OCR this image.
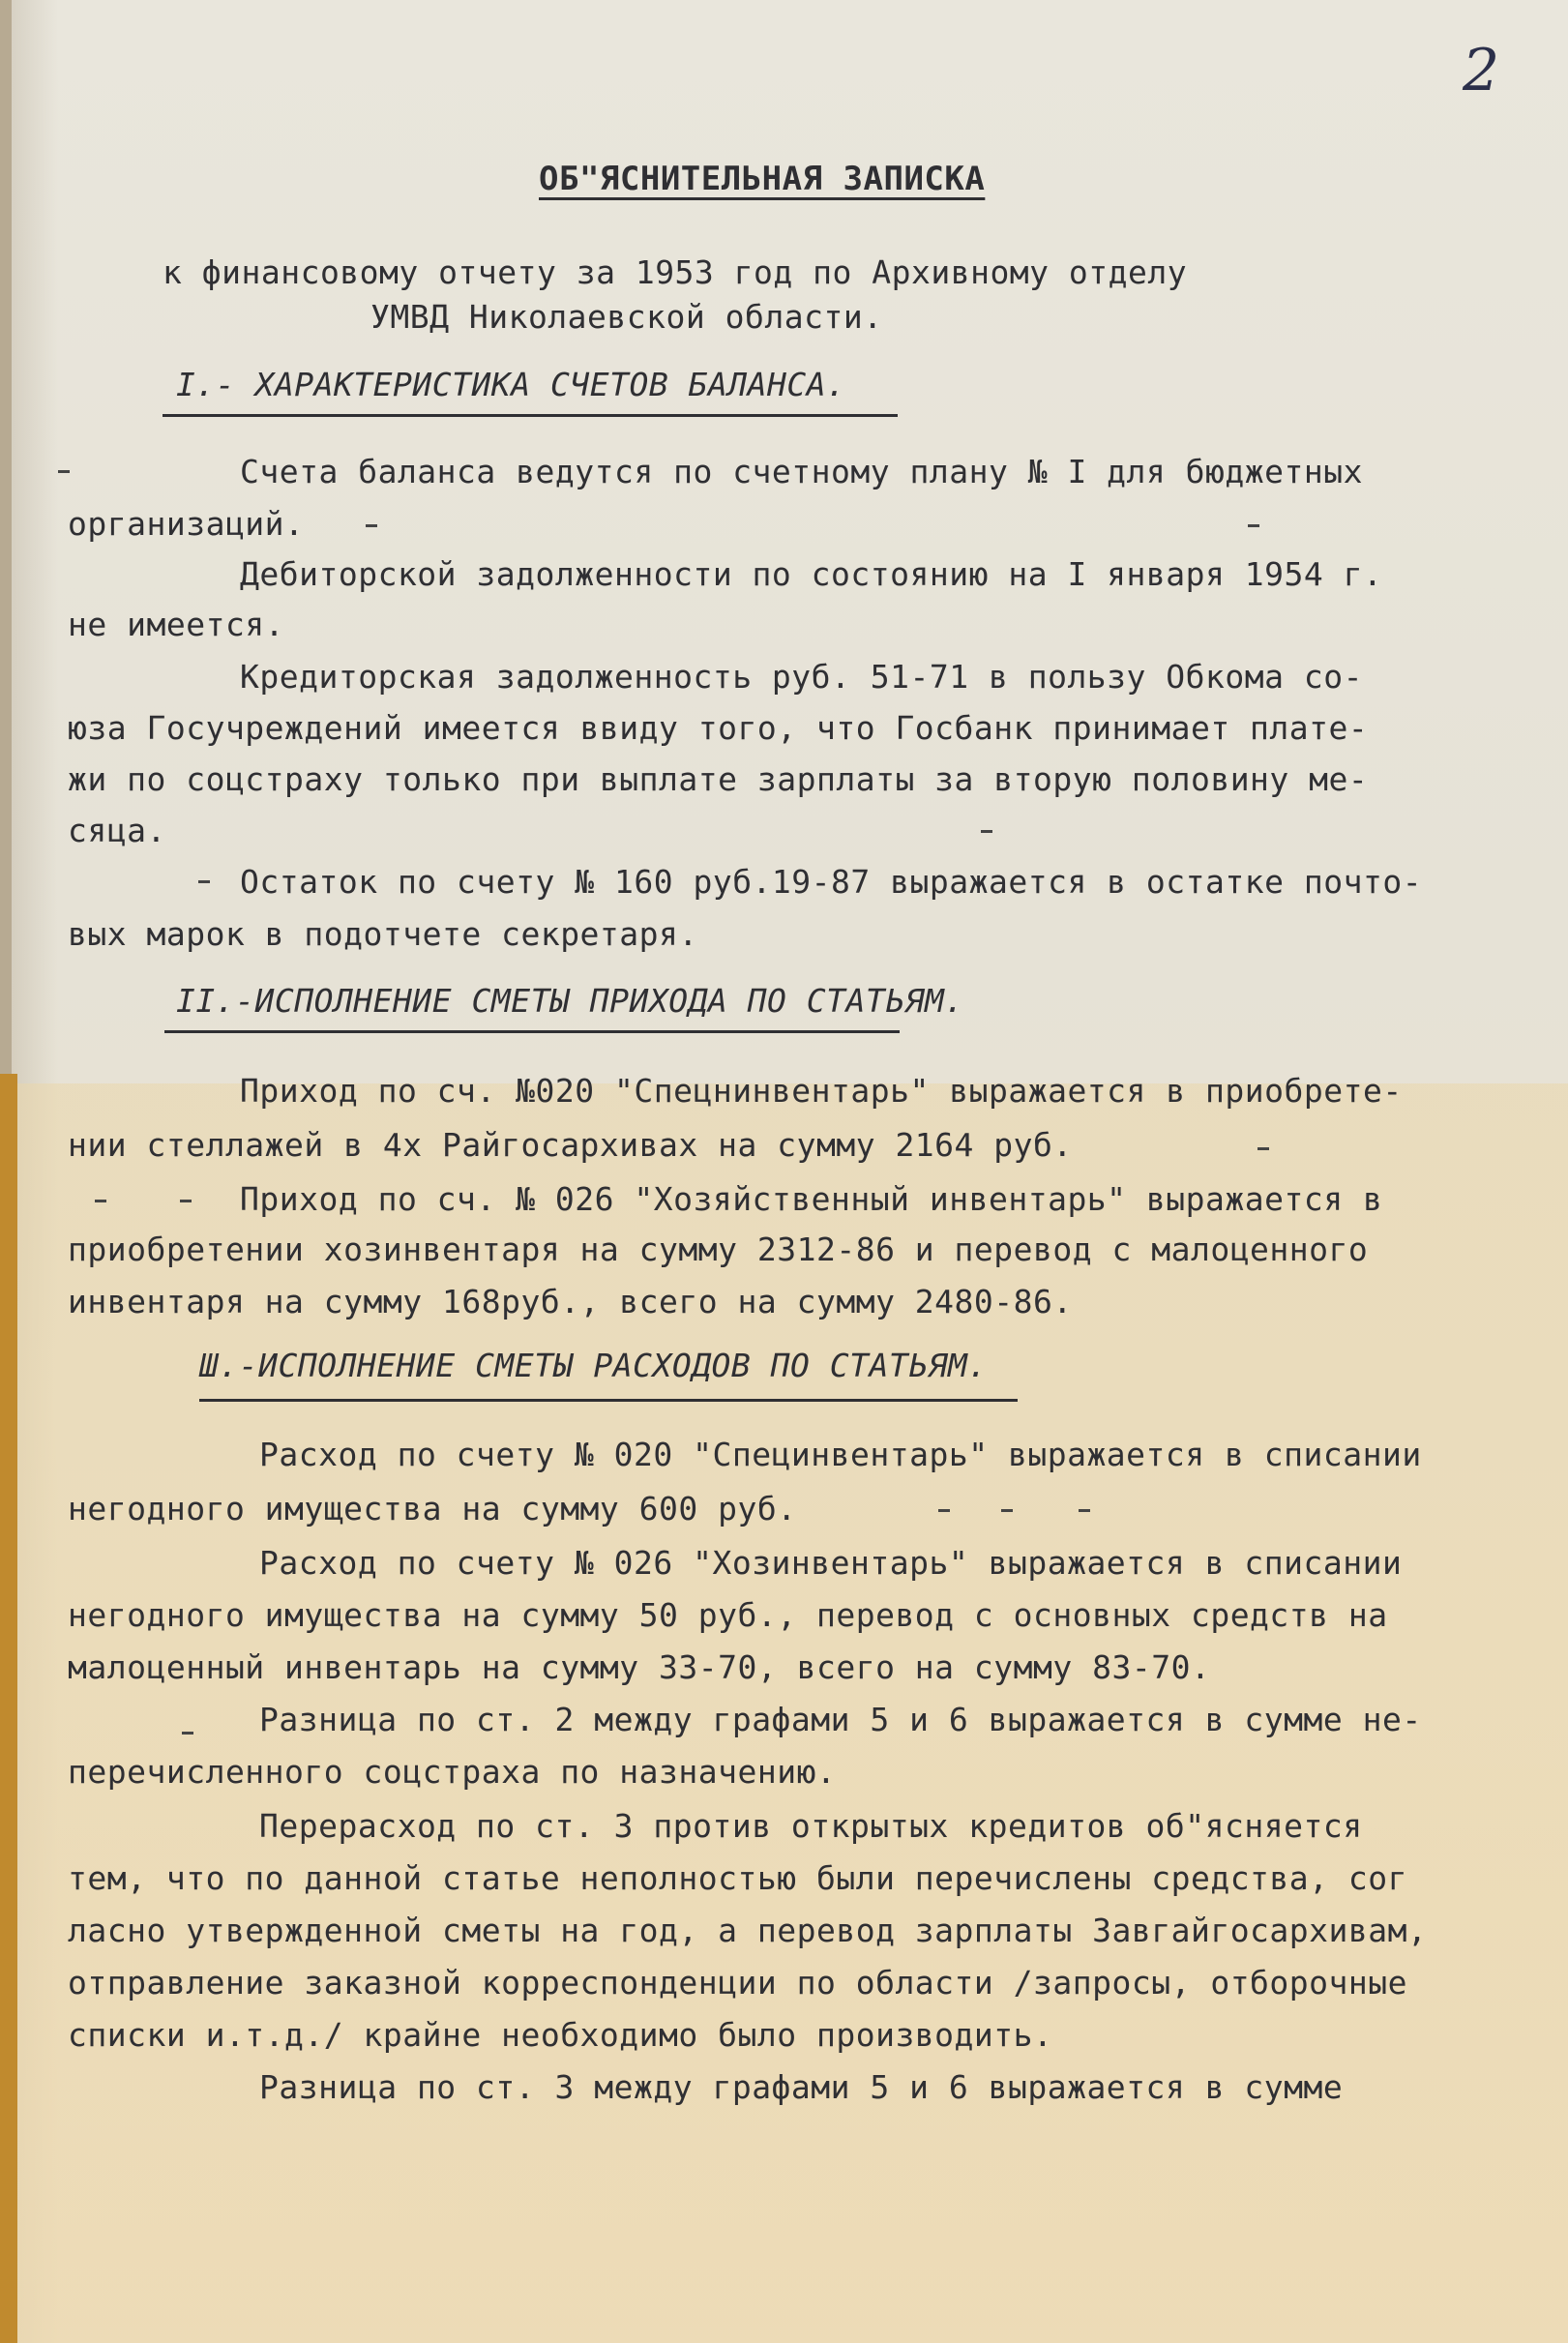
2
ОБ"ЯСНИТЕЛЬНАЯ ЗАПИСКА
к финансовому отчету за 1953 год по Архивному отделу
УМВД Николаевской области.
I.- ХАРАКТЕРИСТИКА СЧЕТОВ БАЛАНСА.
Счета баланса ведутся по счетному плану № I для бюджетных
организаций.
Дебиторской задолженности по состоянию на I января 1954 г.
не имеется.
Кредиторская задолженность руб. 51-71 в пользу Обкома со-
юза Госучреждений имеется ввиду того, что Госбанк принимает плате-
жи по соцстраху только при выплате зарплаты за вторую половину ме-
сяца.
Остаток по счету № 160 руб.19-87 выражается в остатке почто-
вых марок в подотчете секретаря.
II.-ИСПОЛНЕНИЕ СМЕТЫ ПРИХОДА ПО СТАТЬЯМ.
Приход по сч. №020 "Спецнинвентарь" выражается в приобрете-
нии стеллажей в 4х Райгосархивах на сумму 2164 руб.
Приход по сч. № 026 "Хозяйственный инвентарь" выражается в
приобретении хозинвентаря на сумму 2312-86 и перевод с малоценного
инвентаря на сумму 168руб., всего на сумму 2480-86.
Ш.-ИСПОЛНЕНИЕ СМЕТЫ РАСХОДОВ ПО СТАТЬЯМ.
Расход по счету № 020 "Специнвентарь" выражается в списании
негодного имущества на сумму 600 руб.
Расход по счету № 026 "Хозинвентарь" выражается в списании
негодного имущества на сумму 50 руб., перевод с основных средств на
малоценный инвентарь на сумму 33-70, всего на сумму 83-70.
Разница по ст. 2 между графами 5 и 6 выражается в сумме не-
перечисленного соцстраха по назначению.
Перерасход по ст. 3 против открытых кредитов об"ясняется
тем, что по данной статье неполностью были перечислены средства, сог
ласно утвержденной сметы на год, а перевод зарплаты Завгайгосархивам,
отправление заказной корреспонденции по области /запросы, отборочные
списки и.т.д./ крайне необходимо было производить.
Разница по ст. 3 между графами 5 и 6 выражается в сумме
